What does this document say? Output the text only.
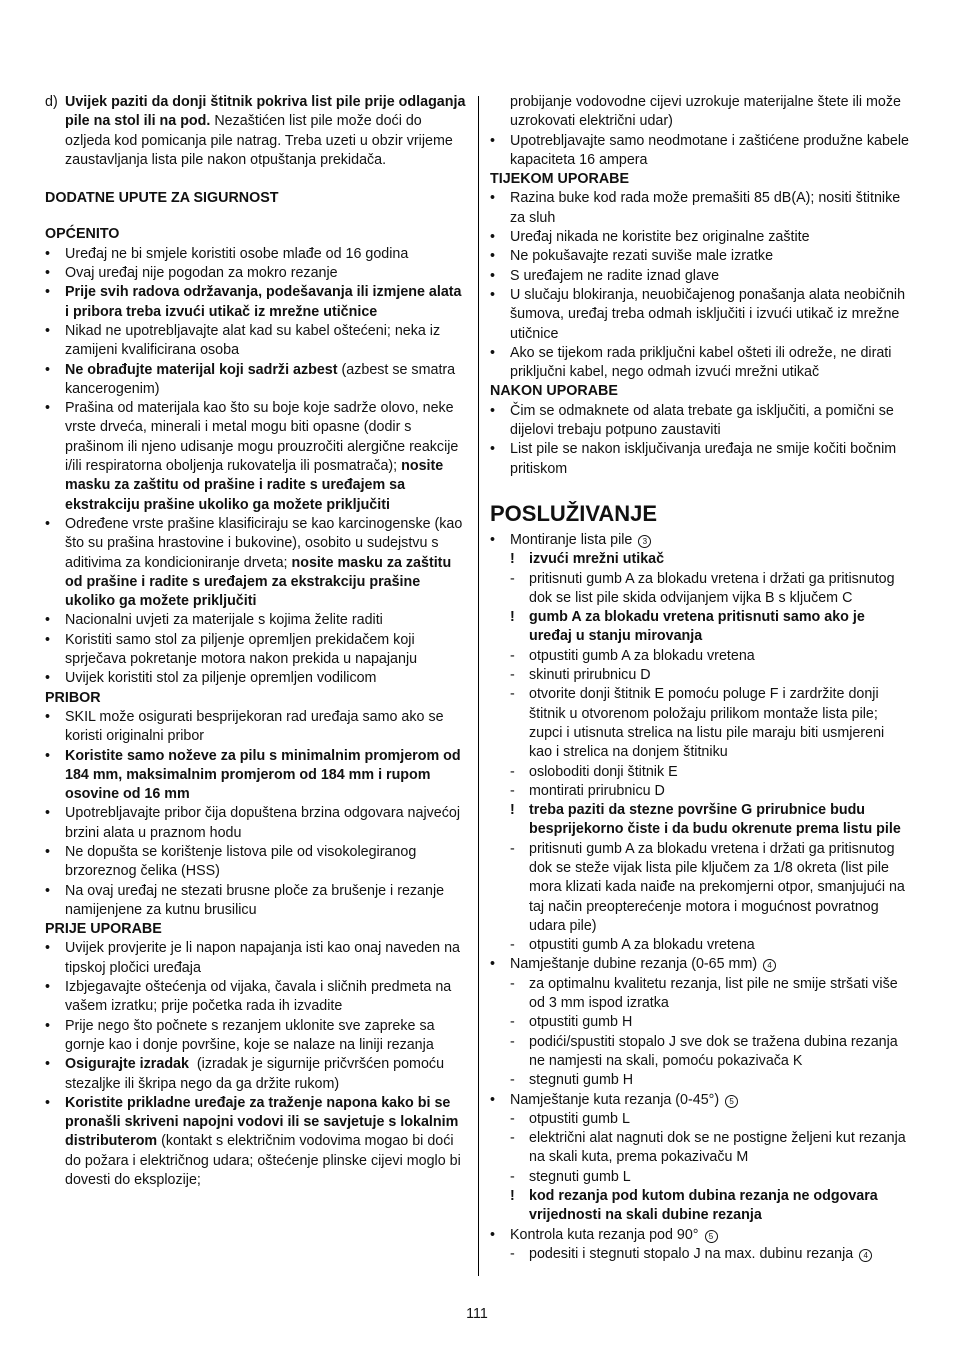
d) Uvijek paziti da donji štitnik pokriva list pile prije odlaganja pile na stol ili na pod. Nezaštićen list pile može doći do ozljeda kod pomicanja pile natrag. Treba uzeti u obzir vrijeme zaustavljanja lista pile nakon otpuštanja prekidača.
DODATNE UPUTE ZA SIGURNOST
OPĆENITO
• Uređaj ne bi smjele koristiti osobe mlađe od 16 godina
• Ovaj uređaj nije pogodan za mokro rezanje
• Prije svih radova održavanja, podešavanja ili izmjene alata i pribora treba izvući utikač iz mrežne utičnice
• Nikad ne upotrebljavajte alat kad su kabel oštećeni; neka iz zamijeni kvalificirana osoba
• Ne obrađujte materijal koji sadrži azbest (azbest se smatra kancerogenim)
• Prašina od materijala kao što su boje koje sadrže olovo, neke vrste drveća, minerali i metal mogu biti opasne (dodir s prašinom ili njeno udisanje mogu prouzročiti alergične reakcije i/ili respiratorna oboljenja rukovatelja ili posmatrača); nosite masku za zaštitu od prašine i radite s uređajem sa ekstrakciju prašine ukoliko ga možete priključiti
• Određene vrste prašine klasificiraju se kao karcinogenske (kao što su prašina hrastovine i bukovine), osobito u sudejstvu s aditivima za kondicioniranje drveta; nosite masku za zaštitu od prašine i radite s uređajem za ekstrakciju prašine ukoliko ga možete priključiti
• Nacionalni uvjeti za materijale s kojima želite raditi
• Koristiti samo stol za piljenje opremljen prekidačem koji sprječava pokretanje motora nakon prekida u napajanju
• Uvijek koristiti stol za piljenje opremljen vodilicom
PRIBOR
• SKIL može osigurati besprijekoran rad uređaja samo ako se koristi originalni pribor
• Koristite samo noževe za pilu s minimalnim promjerom od 184 mm, maksimalnim promjerom od 184 mm i rupom osovine od 16 mm
• Upotrebljavajte pribor čija dopuštena brzina odgovara najvećoj brzini alata u praznom hodu
• Ne dopušta se korištenje listova pile od visokolegiranog brzoreznog čelika (HSS)
• Na ovaj uređaj ne stezati brusne ploče za brušenje i rezanje namijenjene za kutnu brusilicu
PRIJE UPORABE
• Uvijek provjerite je li napon napajanja isti kao onaj naveden na tipskoj pločici uređaja
• Izbjegavajte oštećenja od vijaka, čavala i sličnih predmeta na vašem izratku; prije početka rada ih izvadite
• Prije nego što počnete s rezanjem uklonite sve zapreke sa gornje kao i donje površine, koje se nalaze na liniji rezanja
• Osigurajte izradak  (izradak je sigurnije pričvršćen pomoću stezaljke ili škripa nego da ga držite rukom)
• Koristite prikladne uređaje za traženje napona kako bi se pronašli skriveni napojni vodovi ili se savjetuje s lokalnim distributerom (kontakt s električnim vodovima mogao bi doći do požara i električnog udara; oštećenje plinske cijevi moglo bi dovesti do eksplozije;
probijanje vodovodne cijevi uzrokuje materijalne štete ili može uzrokovati električni udar)
• Upotrebljavajte samo neodmotane i zaštićene produžne kabele kapaciteta 16 ampera
TIJEKOM UPORABE
• Razina buke kod rada može premašiti 85 dB(A); nositi štitnike za sluh
• Uređaj nikada ne koristite bez originalne zaštite
• Ne pokušavajte rezati suviše male izratke
• S uređajem ne radite iznad glave
• U slučaju blokiranja, neuobičajenog ponašanja alata neobičnih šumova, uređaj treba odmah isključiti i izvući utikač iz mrežne utičnice
• Ako se tijekom rada priključni kabel ošteti ili odreže, ne dirati priključni kabel, nego odmah izvući mrežni utikač
NAKON UPORABE
• Čim se odmaknete od alata trebate ga isključiti, a pomični se dijelovi trebaju potpuno zaustaviti
• List pile se nakon isključivanja uređaja ne smije kočiti bočnim pritiskom
POSLUŽIVANJE
• Montiranje lista pile 3
! izvući mrežni utikač
- pritisnuti gumb A za blokadu vretena i držati ga pritisnutog dok se list pile skida odvijanjem vijka B s ključem C
! gumb A za blokadu vretena pritisnuti samo ako je uređaj u stanju mirovanja
- otpustiti gumb A za blokadu vretena
- skinuti prirubnicu D
- otvorite donji štitnik E pomoću poluge F i zardržite donji štitnik u otvorenom položaju prilikom montaže lista pile; zupci i utisnuta strelica na listu pile maraju biti usmjereni kao i strelica na donjem štitniku
- osloboditi donji štitnik E
- montirati prirubnicu D
! treba paziti da stezne površine G prirubnice budu besprijekorno čiste i da budu okrenute prema listu pile
- pritisnuti gumb A za blokadu vretena i držati ga pritisnutog dok se steže vijak lista pile ključem za 1/8 okreta (list pile mora klizati kada naiđe na prekomjerni otpor, smanjujući na taj način preopterećenje motora i mogućnost povratnog udara pile)
- otpustiti gumb A za blokadu vretena
• Namještanje dubine rezanja (0-65 mm) 4
- za optimalnu kvalitetu rezanja, list pile ne smije stršati više od 3 mm ispod izratka
- otpustiti gumb H
- podići/spustiti stopalo J sve dok se tražena dubina rezanja ne namjesti na skali, pomoću pokazivača K
- stegnuti gumb H
• Namještanje kuta rezanja (0-45°) 5
- otpustiti gumb L
- električni alat nagnuti dok se ne postigne željeni kut rezanja na skali kuta, prema pokazivaču M
- stegnuti gumb L
! kod rezanja pod kutom dubina rezanja ne odgovara vrijednosti na skali dubine rezanja
• Kontrola kuta rezanja pod 90° 5
- podesiti i stegnuti stopalo J na max. dubinu rezanja 4
111
